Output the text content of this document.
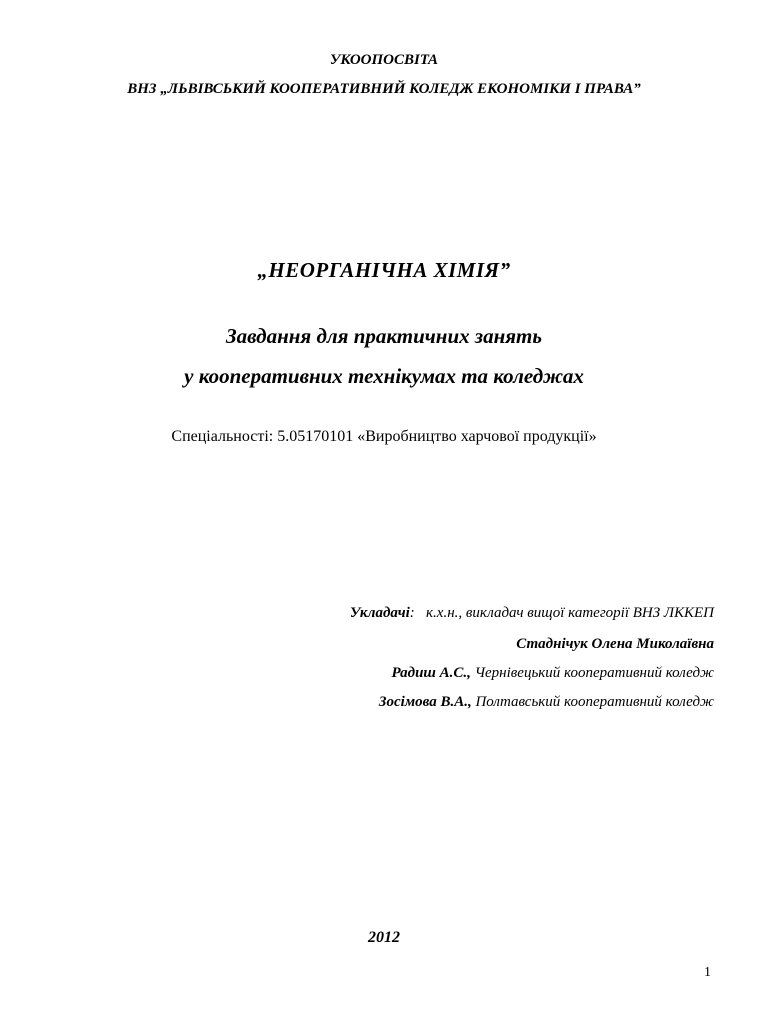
УКООПОСВІТА
ВНЗ „ЛЬВІВСЬКИЙ КООПЕРАТИВНИЙ КОЛЕДЖ ЕКОНОМІКИ І ПРАВА”
„НЕОРГАНІЧНА ХІМІЯ”
Завдання для практичних занять
у кооперативних технікумах та коледжах
Спеціальності: 5.05170101 «Виробництво харчової продукції»
Укладачі: к.х.н., викладач вищої категорії ВНЗ ЛККЕП
Стаднічук Олена Миколаївна
Радиш А.С., Чернівецький кооперативний коледж
Зосімова В.А., Полтавський кооперативний коледж
2012
1
